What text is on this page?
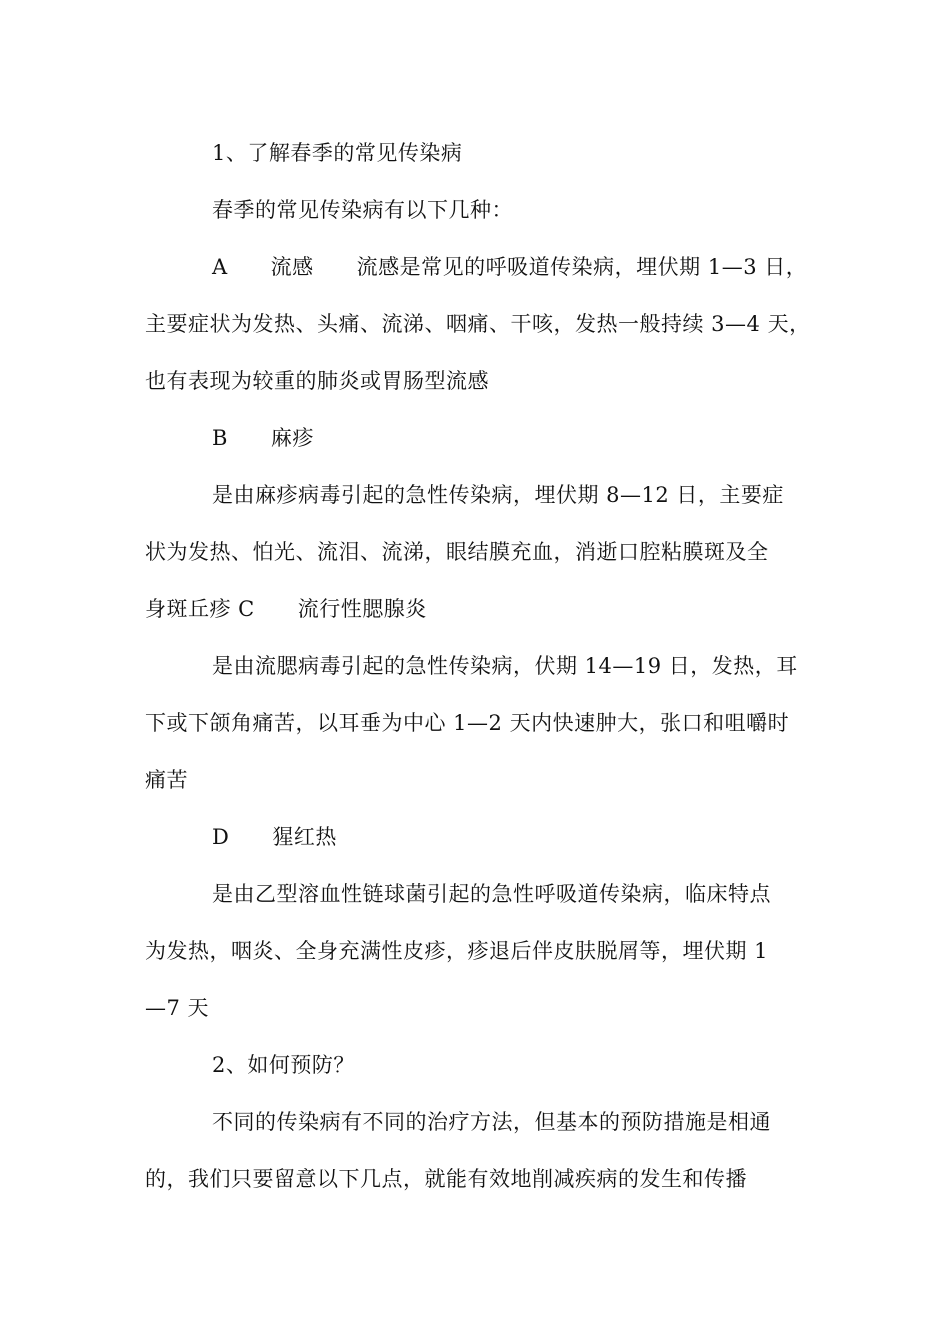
1、了解春季的常见传染病
春季的常见传染病有以下几种：
A　　流感　　流感是常见的呼吸道传染病，埋伏期 1—3 日，
主要症状为发热、头痛、流涕、咽痛、干咳，发热一般持续 3—4 天，
也有表现为较重的肺炎或胃肠型流感
B　　麻疹
是由麻疹病毒引起的急性传染病，埋伏期 8—12 日，主要症
状为发热、怕光、流泪、流涕，眼结膜充血，消逝口腔粘膜斑及全
身斑丘疹 C　　流行性腮腺炎
是由流腮病毒引起的急性传染病，伏期 14—19 日，发热，耳
下或下颌角痛苦，以耳垂为中心 1—2 天内快速肿大，张口和咀嚼时
痛苦
D　　猩红热
是由乙型溶血性链球菌引起的急性呼吸道传染病，临床特点
为发热，咽炎、全身充满性皮疹，疹退后伴皮肤脱屑等，埋伏期 1
—7 天
2、如何预防？
不同的传染病有不同的治疗方法，但基本的预防措施是相通
的，我们只要留意以下几点，就能有效地削减疾病的发生和传播
